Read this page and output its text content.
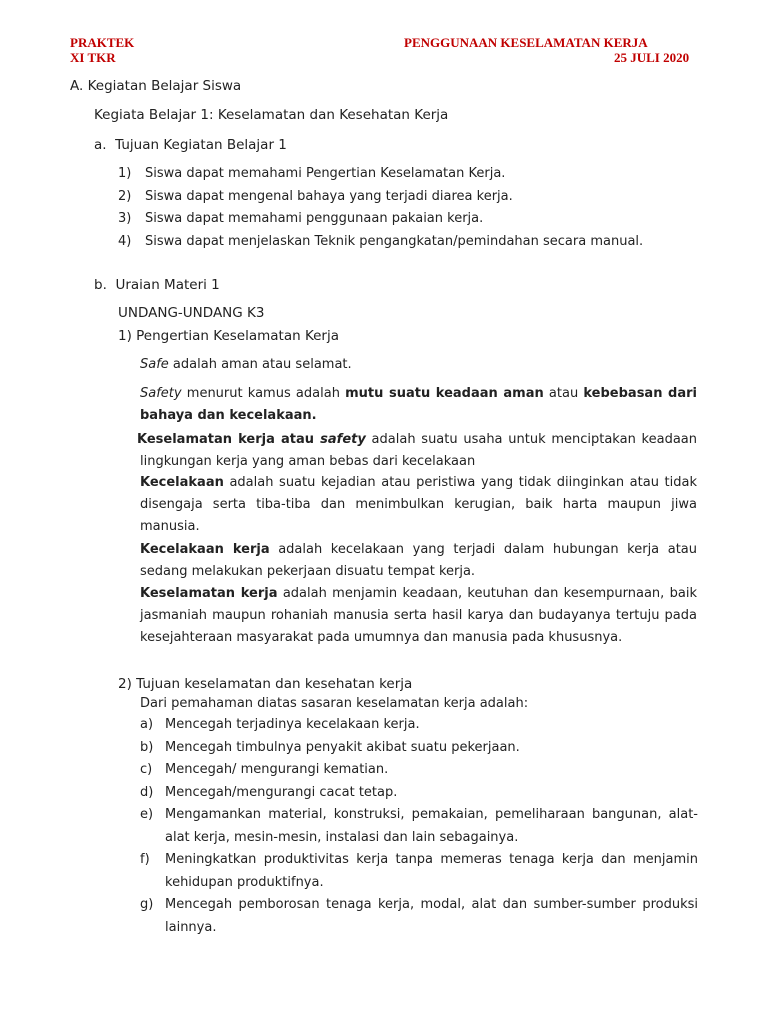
PRAKTEK
XI TKR
PENGGUNAAN KESELAMATAN KERJA
25 JULI 2020
A. Kegiatan Belajar Siswa
Kegiata Belajar 1: Keselamatan dan Kesehatan Kerja
a. Tujuan Kegiatan Belajar 1
1)	Siswa dapat memahami Pengertian Keselamatan Kerja.
2)	Siswa dapat mengenal bahaya yang terjadi diarea kerja.
3)	Siswa dapat memahami penggunaan pakaian kerja.
4)	Siswa dapat menjelaskan Teknik pengangkatan/pemindahan secara manual.
b. Uraian Materi 1
UNDANG-UNDANG K3
1) Pengertian Keselamatan Kerja
Safe adalah aman atau selamat.
Safety menurut kamus adalah mutu suatu keadaan aman atau kebebasan dari bahaya dan kecelakaan.
Keselamatan kerja atau safety adalah suatu usaha untuk menciptakan keadaan lingkungan kerja yang aman bebas dari kecelakaan
Kecelakaan adalah suatu kejadian atau peristiwa yang tidak diinginkan atau tidak disengaja serta tiba-tiba dan menimbulkan kerugian, baik harta maupun jiwa manusia.
Kecelakaan kerja adalah kecelakaan yang terjadi dalam hubungan kerja atau sedang melakukan pekerjaan disuatu tempat kerja.
Keselamatan kerja adalah menjamin keadaan, keutuhan dan kesempurnaan, baik jasmaniah maupun rohaniah manusia serta hasil karya dan budayanya tertuju pada kesejahteraan masyarakat pada umumnya dan manusia pada khususnya.
2) Tujuan keselamatan dan kesehatan kerja
Dari pemahaman diatas sasaran keselamatan kerja adalah:
a) Mencegah terjadinya kecelakaan kerja.
b) Mencegah timbulnya penyakit akibat suatu pekerjaan.
c) Mencegah/ mengurangi kematian.
d) Mencegah/mengurangi cacat tetap.
e) Mengamankan material, konstruksi, pemakaian, pemeliharaan bangunan, alat-alat kerja, mesin-mesin, instalasi dan lain sebagainya.
f)	Meningkatkan produktivitas kerja tanpa memeras tenaga kerja dan menjamin kehidupan produktifnya.
g) Mencegah pemborosan tenaga kerja, modal, alat dan sumber-sumber produksi lainnya.
